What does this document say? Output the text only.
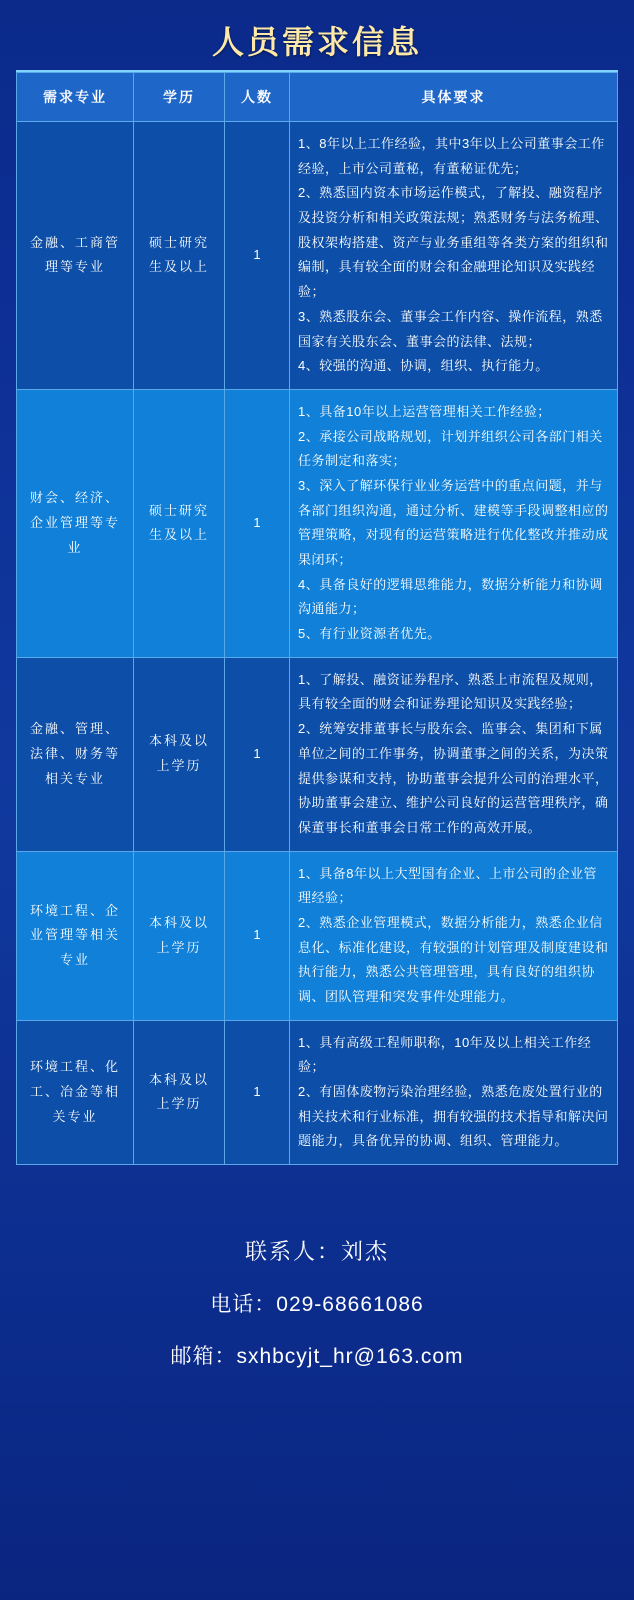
人员需求信息
需求专业	学历	人数	具体要求
金融、工商管理等专业	硕士研究生及以上	1	1、8年以上工作经验，其中3年以上公司董事会工作经验，上市公司董秘，有董秘证优先；
2、熟悉国内资本市场运作模式，了解投、融资程序及投资分析和相关政策法规；熟悉财务与法务梳理、股权架构搭建、资产与业务重组等各类方案的组织和编制，具有较全面的财会和金融理论知识及实践经验；
3、熟悉股东会、董事会工作内容、操作流程，熟悉国家有关股东会、董事会的法律、法规；
4、较强的沟通、协调，组织、执行能力。

财会、经济、企业管理等专业	硕士研究生及以上	1	1、具备10年以上运营管理相关工作经验；
2、承接公司战略规划，计划并组织公司各部门相关任务制定和落实；
3、深入了解环保行业业务运营中的重点问题，并与各部门组织沟通，通过分析、建模等手段调整相应的管理策略，对现有的运营策略进行优化整改并推动成果闭环；
4、具备良好的逻辑思维能力，数据分析能力和协调沟通能力；
5、有行业资源者优先。

金融、管理、法律、财务等相关专业	本科及以上学历	1	1、了解投、融资证券程序、熟悉上市流程及规则，具有较全面的财会和证券理论知识及实践经验；
2、统筹安排董事长与股东会、监事会、集团和下属单位之间的工作事务，协调董事之间的关系，为决策提供参谋和支持，协助董事会提升公司的治理水平，协助董事会建立、维护公司良好的运营管理秩序，确保董事长和董事会日常工作的高效开展。

环境工程、企业管理等相关专业	本科及以上学历	1	1、具备8年以上大型国有企业、上市公司的企业管理经验；
2、熟悉企业管理模式，数据分析能力，熟悉企业信息化、标准化建设，有较强的计划管理及制度建设和执行能力，熟悉公共管理管理，具有良好的组织协调、团队管理和突发事件处理能力。

环境工程、化工、冶金等相关专业	本科及以上学历	1	1、具有高级工程师职称，10年及以上相关工作经验；
2、有固体废物污染治理经验，熟悉危废处置行业的相关技术和行业标准，拥有较强的技术指导和解决问题能力，具备优异的协调、组织、管理能力。
联系人：刘杰
电话：029-68661086
邮箱：sxhbcyjt_hr@163.com
